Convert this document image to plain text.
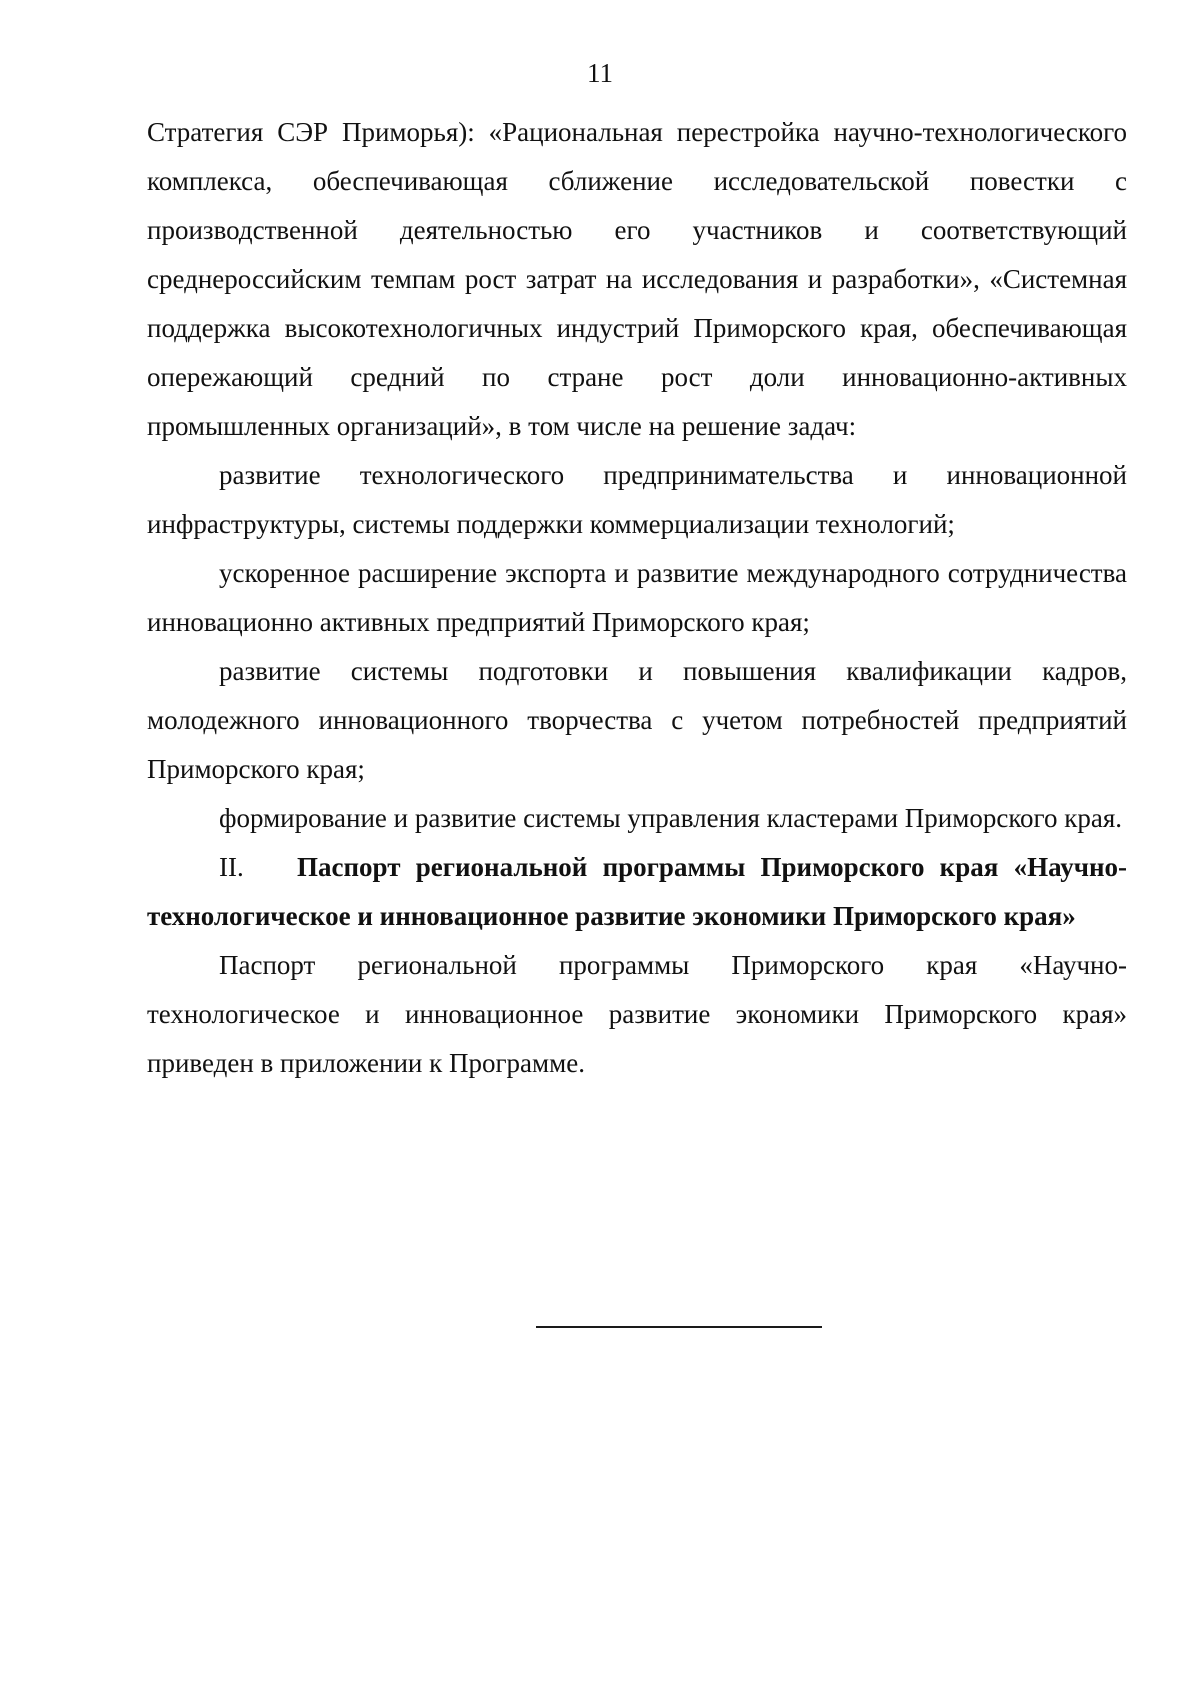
11

Стратегия СЭР Приморья): «Рациональная перестройка научно-технологического комплекса, обеспечивающая сближение исследовательской повестки с производственной деятельностью его участников и соответствующий среднероссийским темпам рост затрат на исследования и разработки», «Системная поддержка высокотехнологичных индустрий Приморского края, обеспечивающая опережающий средний по стране рост доли инновационно-активных промышленных организаций», в том числе на решение задач:

развитие технологического предпринимательства и инновационной инфраструктуры, системы поддержки коммерциализации технологий;

ускоренное расширение экспорта и развитие международного сотрудничества инновационно активных предприятий Приморского края;

развитие системы подготовки и повышения квалификации кадров, молодежного инновационного творчества с учетом потребностей предприятий Приморского края;

формирование и развитие системы управления кластерами Приморского края.

II. Паспорт региональной программы Приморского края «Научно-технологическое и инновационное развитие экономики Приморского края»

Паспорт региональной программы Приморского края «Научно-технологическое и инновационное развитие экономики Приморского края» приведен в приложении к Программе.
